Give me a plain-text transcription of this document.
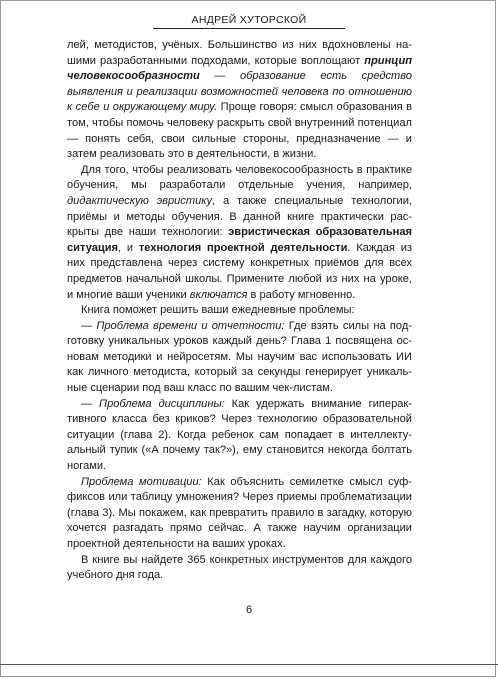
АНДРЕЙ ХУТОРСКОЙ

лей, методистов, учёных. Большинство из них вдохновлены нашими разработанными подходами, которые воплощают принцип человекосообразности — образование есть средство выявления и реализации возможностей человека по отношению к себе и окружающему миру. Проще говоря: смысл образования в том, чтобы помочь человеку раскрыть свой внутренний потенциал — понять себя, свои сильные стороны, предназначение — и затем реализовать это в деятельности, в жизни.

Для того, чтобы реализовать человекосообразность в практике обучения, мы разработали отдельные учения, например, дидактическую эвристику, а также специальные технологии, приёмы и методы обучения. В данной книге практически раскрыты две наши технологии: эвристическая образовательная ситуация, и технология проектной деятельности. Каждая из них представлена через систему конкретных приёмов для всех предметов начальной школы. Примените любой из них на уроке, и многие ваши ученики включатся в работу мгновенно.

Книга поможет решить ваши ежедневные проблемы:

— Проблема времени и отчетности: Где взять силы на подготовку уникальных уроков каждый день? Глава 1 посвящена основам методики и нейросетям. Мы научим вас использовать ИИ как личного методиста, который за секунды генерирует уникальные сценарии под ваш класс по вашим чек-листам.

— Проблема дисциплины: Как удержать внимание гиперактивного класса без криков? Через технологию образовательной ситуации (глава 2). Когда ребенок сам попадает в интеллектуальный тупик («А почему так?»), ему становится некогда болтать ногами.

Проблема мотивации: Как объяснить семилетке смысл суффиксов или таблицу умножения? Через приемы проблематизации (глава 3). Мы покажем, как превратить правило в загадку, которую хочется разгадать прямо сейчас. А также научим организации проектной деятельности на ваших уроках.

В книге вы найдете 365 конкретных инструментов для каждого учебного дня года.

6
